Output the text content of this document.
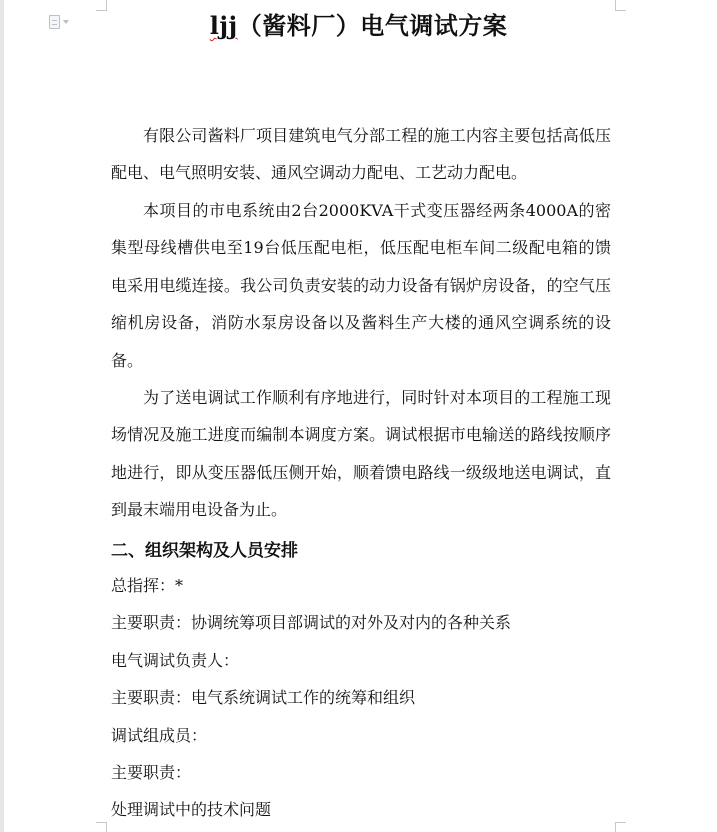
ljj（酱料厂）电气调试方案

有限公司酱料厂项目建筑电气分部工程的施工内容主要包括高低压配电、电气照明安装、通风空调动力配电、工艺动力配电。

本项目的市电系统由2台2000KVA干式变压器经两条4000A的密集型母线槽供电至19台低压配电柜，低压配电柜车间二级配电箱的馈电采用电缆连接。我公司负责安装的动力设备有锅炉房设备，的空气压缩机房设备，消防水泵房设备以及酱料生产大楼的通风空调系统的设备。

为了送电调试工作顺利有序地进行，同时针对本项目的工程施工现场情况及施工进度而编制本调度方案。调试根据市电输送的路线按顺序地进行，即从变压器低压侧开始，顺着馈电路线一级级地送电调试，直到最末端用电设备为止。

二、组织架构及人员安排
总指挥：*
主要职责：协调统筹项目部调试的对外及对内的各种关系
电气调试负责人：
主要职责：电气系统调试工作的统筹和组织
调试组成员：
主要职责：
处理调试中的技术问题
